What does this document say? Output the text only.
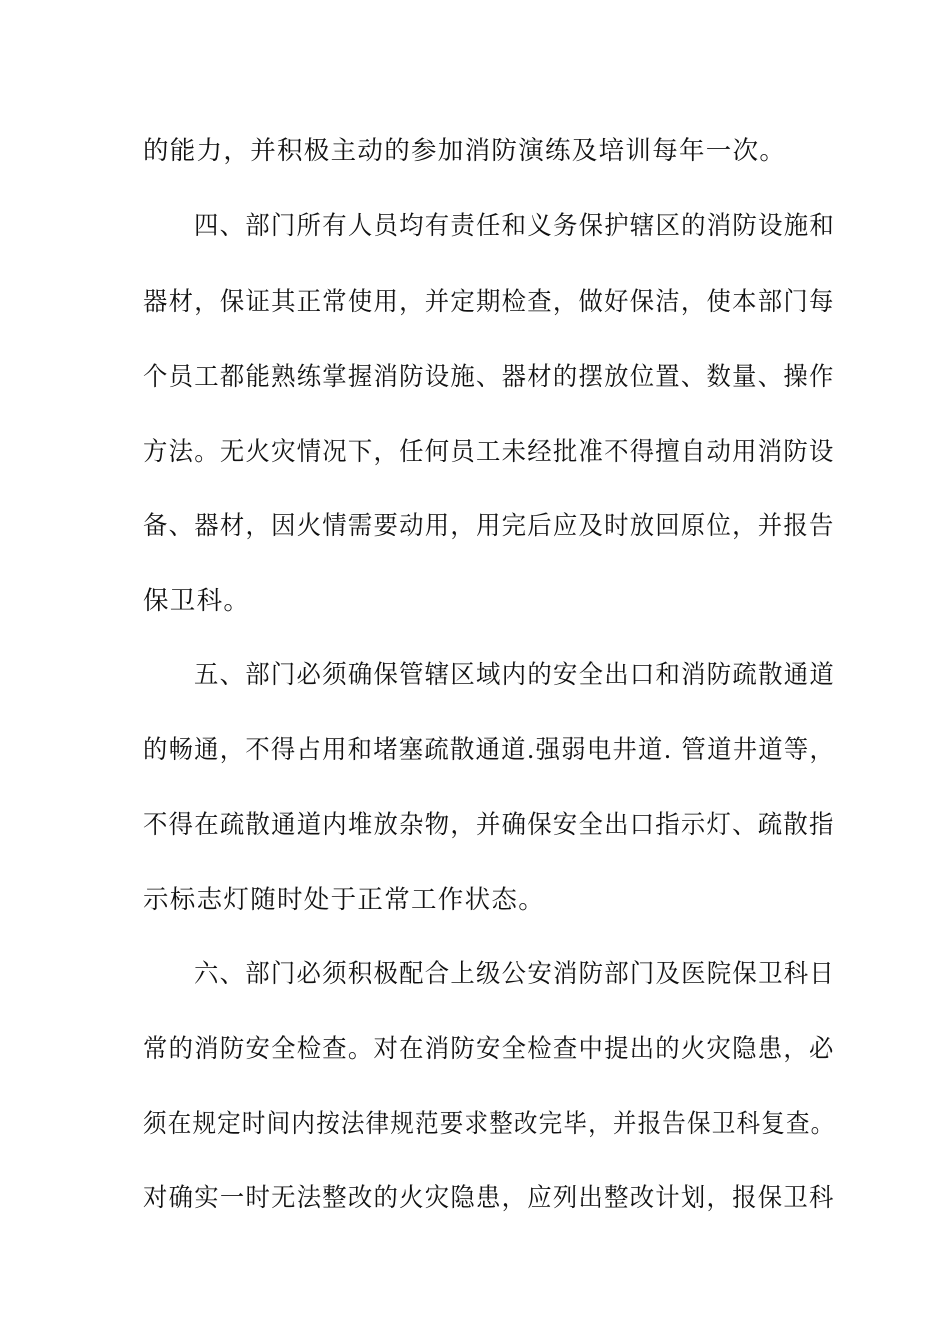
的能力，并积极主动的参加消防演练及培训每年一次。
四、部门所有人员均有责任和义务保护辖区的消防设施和
器材，保证其正常使用，并定期检查，做好保洁，使本部门每
个员工都能熟练掌握消防设施、器材的摆放位置、数量、操作
方法。无火灾情况下，任何员工未经批准不得擅自动用消防设
备、器材，因火情需要动用，用完后应及时放回原位，并报告
保卫科。
五、部门必须确保管辖区域内的安全出口和消防疏散通道
的畅通，不得占用和堵塞疏散通道.强弱电井道. 管道井道等，
不得在疏散通道内堆放杂物，并确保安全出口指示灯、疏散指
示标志灯随时处于正常工作状态。
六、部门必须积极配合上级公安消防部门及医院保卫科日
常的消防安全检查。对在消防安全检查中提出的火灾隐患，必
须在规定时间内按法律规范要求整改完毕，并报告保卫科复查。
对确实一时无法整改的火灾隐患，应列出整改计划，报保卫科
